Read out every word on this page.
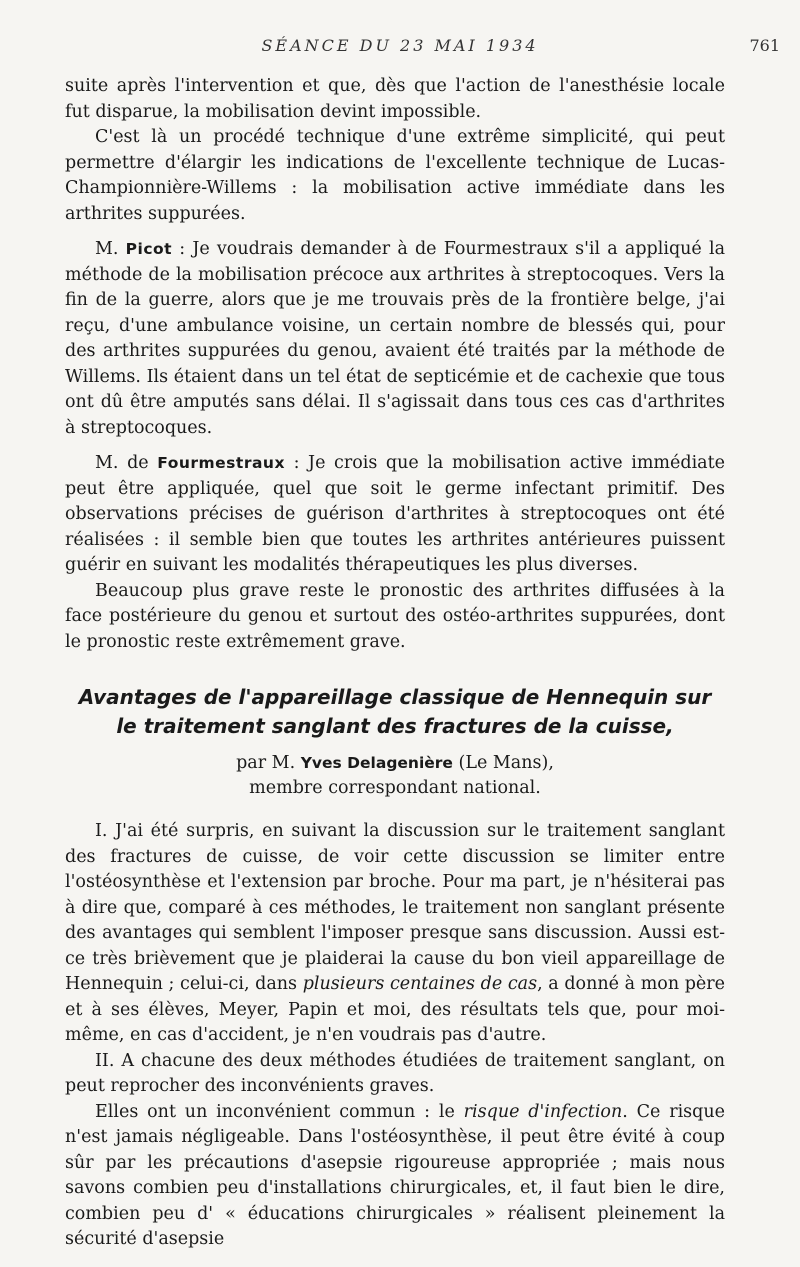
SÉANCE DU 23 MAI 1934	761

suite après l'intervention et que, dès que l'action de l'anesthésie locale fut disparue, la mobilisation devint impossible.

C'est là un procédé technique d'une extrême simplicité, qui peut permettre d'élargir les indications de l'excellente technique de Lucas-Championnière-Willems : la mobilisation active immédiate dans les arthrites suppurées.

M. Picot : Je voudrais demander à de Fourmestraux s'il a appliqué la méthode de la mobilisation précoce aux arthrites à streptocoques. Vers la fin de la guerre, alors que je me trouvais près de la frontière belge, j'ai reçu, d'une ambulance voisine, un certain nombre de blessés qui, pour des arthrites suppurées du genou, avaient été traités par la méthode de Willems. Ils étaient dans un tel état de septicémie et de cachexie que tous ont dû être amputés sans délai. Il s'agissait dans tous ces cas d'arthrites à streptocoques.

M. de Fourmestraux : Je crois que la mobilisation active immédiate peut être appliquée, quel que soit le germe infectant primitif. Des observations précises de guérison d'arthrites à streptocoques ont été réalisées : il semble bien que toutes les arthrites antérieures puissent guérir en suivant les modalités thérapeutiques les plus diverses.

Beaucoup plus grave reste le pronostic des arthrites diffusées à la face postérieure du genou et surtout des ostéo-arthrites suppurées, dont le pronostic reste extrêmement grave.

Avantages de l'appareillage classique de Hennequin sur le traitement sanglant des fractures de la cuisse,
par M. Yves Delagenière (Le Mans),
membre correspondant national.

I. J'ai été surpris, en suivant la discussion sur le traitement sanglant des fractures de cuisse, de voir cette discussion se limiter entre l'ostéosynthèse et l'extension par broche. Pour ma part, je n'hésiterai pas à dire que, comparé à ces méthodes, le traitement non sanglant présente des avantages qui semblent l'imposer presque sans discussion. Aussi est-ce très brièvement que je plaiderai la cause du bon vieil appareillage de Hennequin ; celui-ci, dans plusieurs centaines de cas, a donné à mon père et à ses élèves, Meyer, Papin et moi, des résultats tels que, pour moi-même, en cas d'accident, je n'en voudrais pas d'autre.

II. A chacune des deux méthodes étudiées de traitement sanglant, on peut reprocher des inconvénients graves.

Elles ont un inconvénient commun : le risque d'infection. Ce risque n'est jamais négligeable. Dans l'ostéosynthèse, il peut être évité à coup sûr par les précautions d'asepsie rigoureuse appropriée ; mais nous savons combien peu d'installations chirurgicales, et, il faut bien le dire, combien peu d' « éducations chirurgicales » réalisent pleinement la sécurité d'asepsie
